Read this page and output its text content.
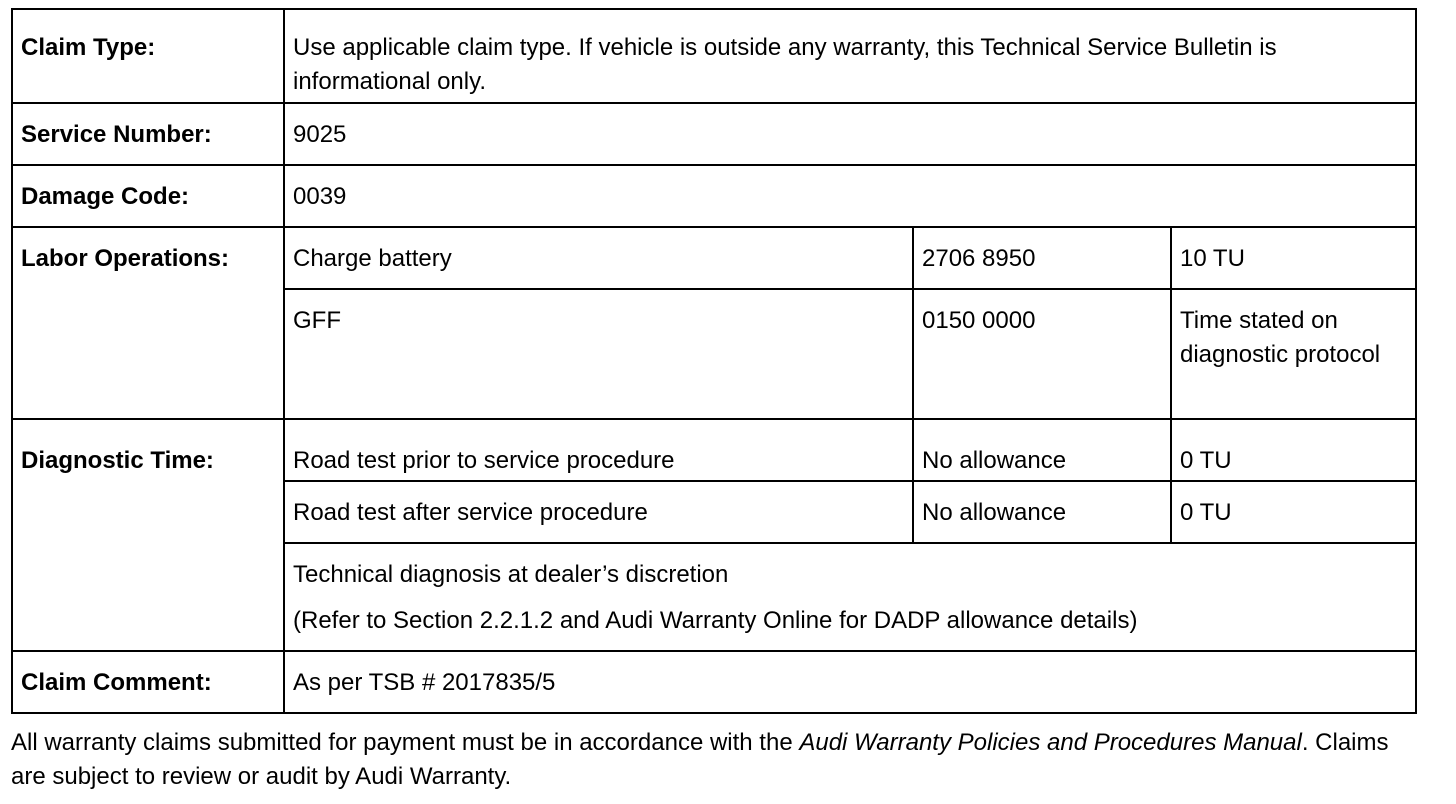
Claim Type:	Use applicable claim type. If vehicle is outside any warranty, this Technical Service Bulletin is informational only.		
Service Number:	9025		
Damage Code:	0039		
Labor Operations:	Charge battery	2706 8950	10 TU
	GFF	0150 0000	Time stated on diagnostic protocol
Diagnostic Time:	Road test prior to service procedure	No allowance	0 TU
	Road test after service procedure	No allowance	0 TU

	Technical diagnosis at dealer’s discretion
(Refer to Section 2.2.1.2 and Audi Warranty Online for DADP allowance details)		

Claim Comment:	As per TSB # 2017835/5		
All warranty claims submitted for payment must be in accordance with the Audi Warranty Policies and Procedures Manual. Claims are subject to review or audit by Audi Warranty.
